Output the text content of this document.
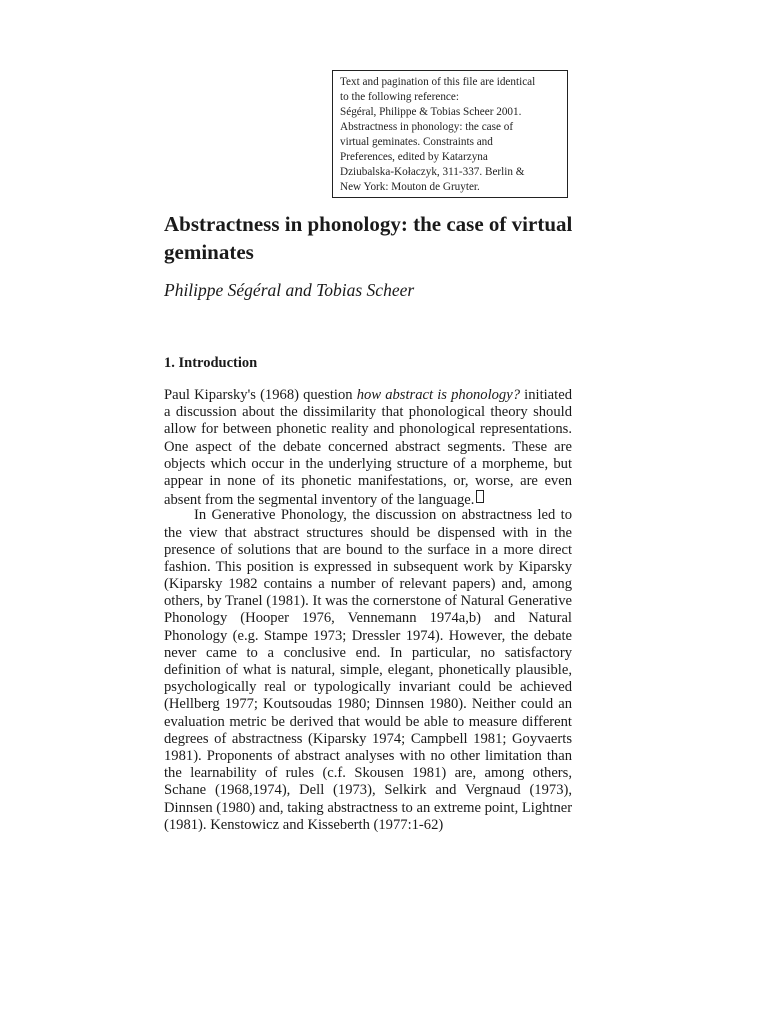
Text and pagination of this file are identical
to the following reference:
Ségéral, Philippe & Tobias Scheer 2001.
Abstractness in phonology: the case of
virtual geminates. Constraints and
Preferences, edited by Katarzyna
Dziubalska-Kołaczyk, 311-337. Berlin &
New York: Mouton de Gruyter.
Abstractness in phonology: the case of virtual geminates

Philippe Ségéral and Tobias Scheer

1. Introduction
Paul Kiparsky's (1968) question how abstract is phonology? initiated
a discussion about the dissimilarity that phonological theory should
allow for between phonetic reality and phonological representations.
One aspect of the debate concerned abstract segments. These are
objects which occur in the underlying structure of a morpheme, but
appear in none of its phonetic manifestations, or, worse, are even
absent from the segmental inventory of the language.
In Generative Phonology, the discussion on abstractness led to
the view that abstract structures should be dispensed with in the
presence of solutions that are bound to the surface in a more direct
fashion. This position is expressed in subsequent work by Kiparsky
(Kiparsky 1982 contains a number of relevant papers) and, among
others, by Tranel (1981). It was the cornerstone of Natural Generative
Phonology (Hooper 1976, Vennemann 1974a,b) and Natural
Phonology (e.g. Stampe 1973; Dressler 1974). However, the debate
never came to a conclusive end. In particular, no satisfactory
definition of what is natural, simple, elegant, phonetically plausible,
psychologically real or typologically invariant could be achieved
(Hellberg 1977; Koutsoudas 1980; Dinnsen 1980). Neither could an
evaluation metric be derived that would be able to measure different
degrees of abstractness (Kiparsky 1974; Campbell 1981; Goyvaerts
1981). Proponents of abstract analyses with no other limitation than
the learnability of rules (c.f. Skousen 1981) are, among others,
Schane (1968,1974), Dell (1973), Selkirk and Vergnaud (1973),
Dinnsen (1980) and, taking abstractness to an extreme point, Lightner
(1981). Kenstowicz and Kisseberth (1977:1-62)
